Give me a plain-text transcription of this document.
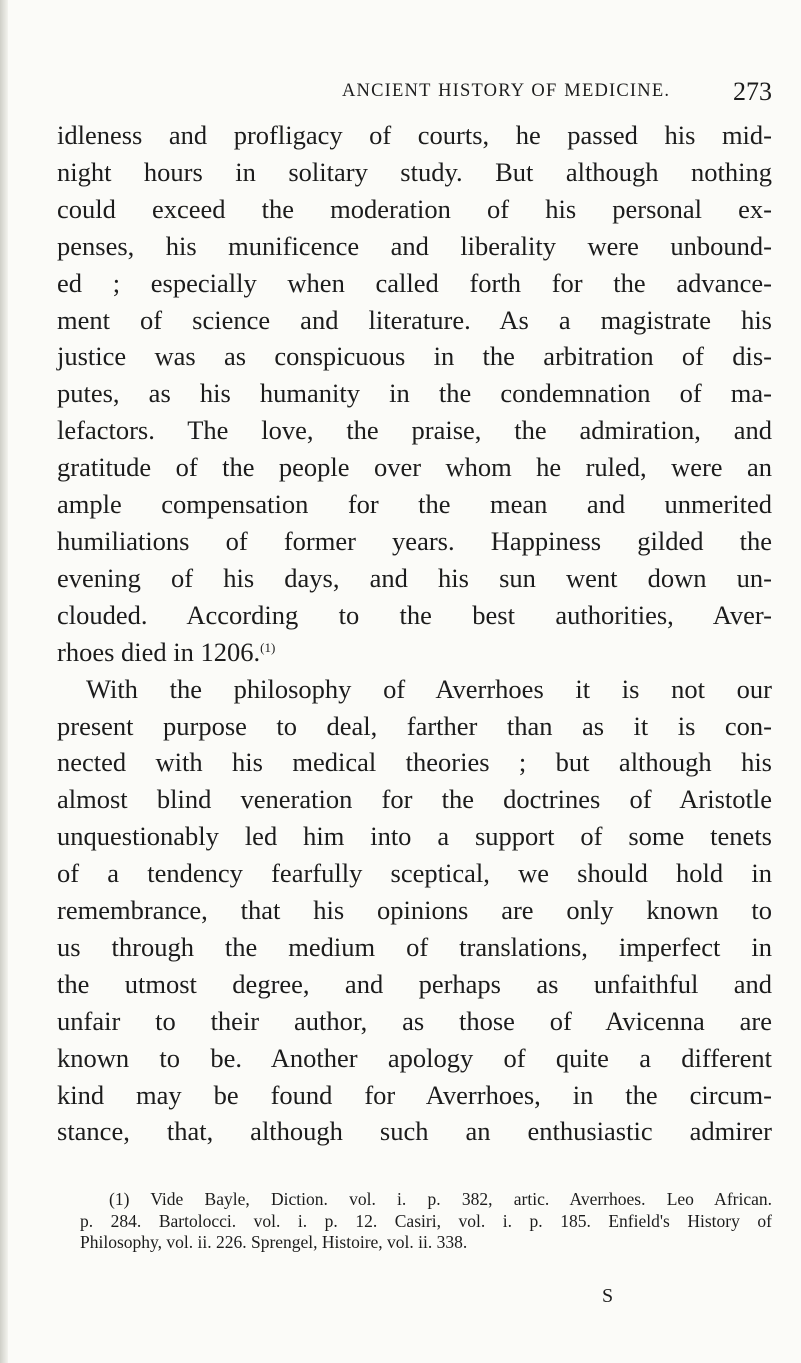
ANCIENT HISTORY OF MEDICINE. 273

idleness and profligacy of courts, he passed his mid-
night hours in solitary study. But although nothing
could exceed the moderation of his personal ex-
penses, his munificence and liberality were unbound-
ed ; especially when called forth for the advance-
ment of science and literature. As a magistrate his
justice was as conspicuous in the arbitration of dis-
putes, as his humanity in the condemnation of ma-
lefactors. The love, the praise, the admiration, and
gratitude of the people over whom he ruled, were an
ample compensation for the mean and unmerited
humiliations of former years. Happiness gilded the
evening of his days, and his sun went down un-
clouded. According to the best authorities, Aver-
rhoes died in 1206.$^{(1)}$

With the philosophy of Averrhoes it is not our
present purpose to deal, farther than as it is con-
nected with his medical theories ; but although his
almost blind veneration for the doctrines of Aristotle
unquestionably led him into a support of some tenets
of a tendency fearfully sceptical, we should hold in
remembrance, that his opinions are only known to
us through the medium of translations, imperfect in
the utmost degree, and perhaps as unfaithful and
unfair to their author, as those of Avicenna are
known to be. Another apology of quite a different
kind may be found for Averrhoes, in the circum-
stance, that, although such an enthusiastic admirer

(1) Vide Bayle, Diction. vol. i. p. 382, artic. Averrhoes. Leo African.
p. 284. Bartolocci. vol. i. p. 12. Casiri, vol. i. p. 185. Enfield's History of
Philosophy, vol. ii. 226. Sprengel, Histoire, vol. ii. 338.
S
